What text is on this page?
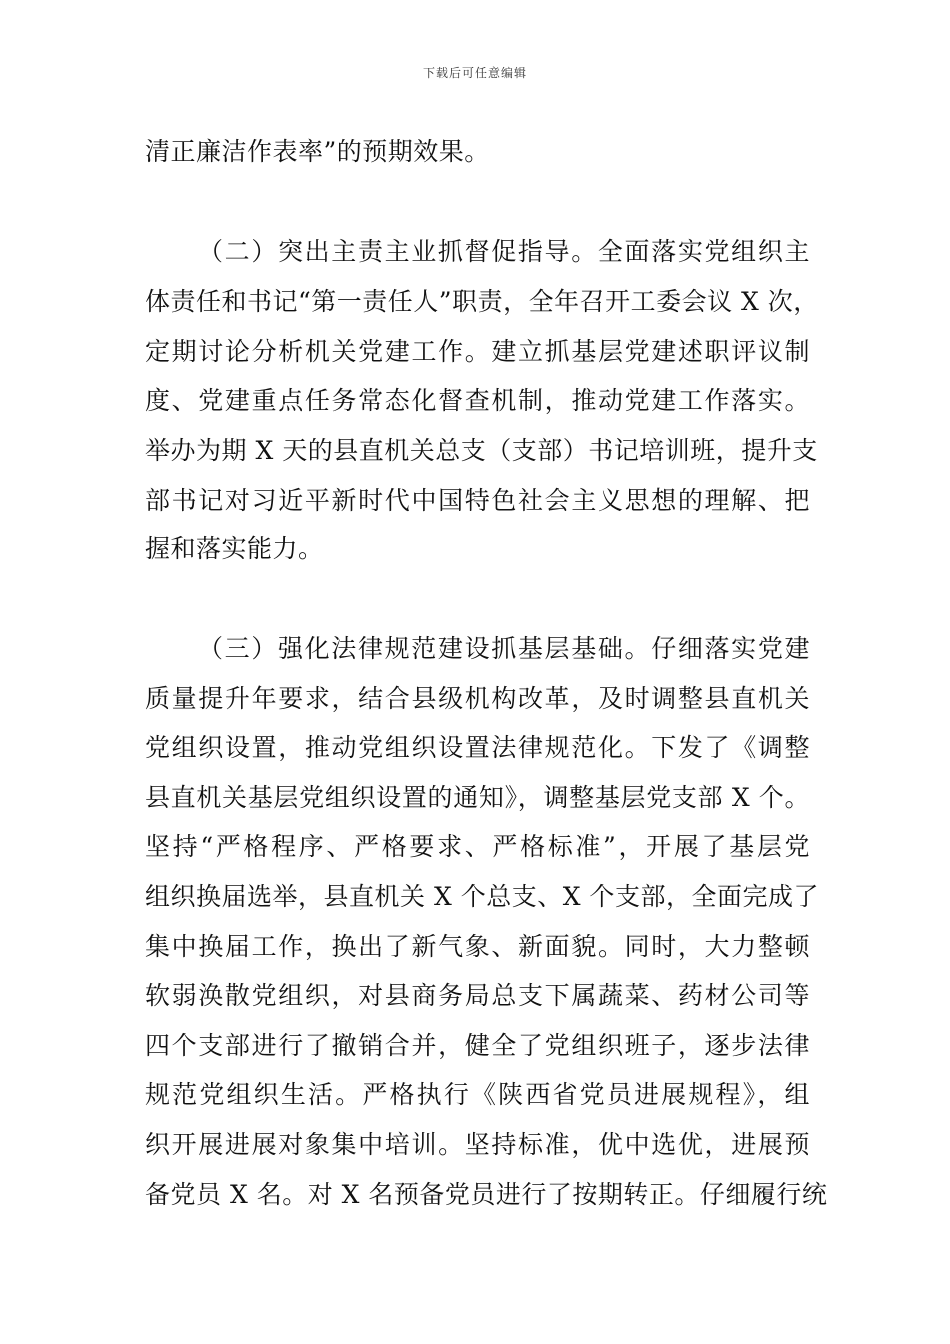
下载后可任意编辑
清正廉洁作表率”的预期效果。
（二）突出主责主业抓督促指导。全面落实党组织主
体责任和书记“第一责任人”职责，全年召开工委会议 X 次，
定期讨论分析机关党建工作。建立抓基层党建述职评议制
度、党建重点任务常态化督查机制，推动党建工作落实。
举办为期 X 天的县直机关总支（支部）书记培训班，提升支
部书记对习近平新时代中国特色社会主义思想的理解、把
握和落实能力。
（三）强化法律规范建设抓基层基础。仔细落实党建
质量提升年要求，结合县级机构改革，及时调整县直机关
党组织设置，推动党组织设置法律规范化。下发了《调整
县直机关基层党组织设置的通知》，调整基层党支部 X 个。
坚持“严格程序、严格要求、严格标准”，开展了基层党
组织换届选举，县直机关 X 个总支、X 个支部，全面完成了
集中换届工作，换出了新气象、新面貌。同时，大力整顿
软弱涣散党组织，对县商务局总支下属蔬菜、药材公司等
四个支部进行了撤销合并，健全了党组织班子，逐步法律
规范党组织生活。严格执行《陕西省党员进展规程》，组
织开展进展对象集中培训。坚持标准，优中选优，进展预
备党员 X 名。对 X 名预备党员进行了按期转正。仔细履行统
